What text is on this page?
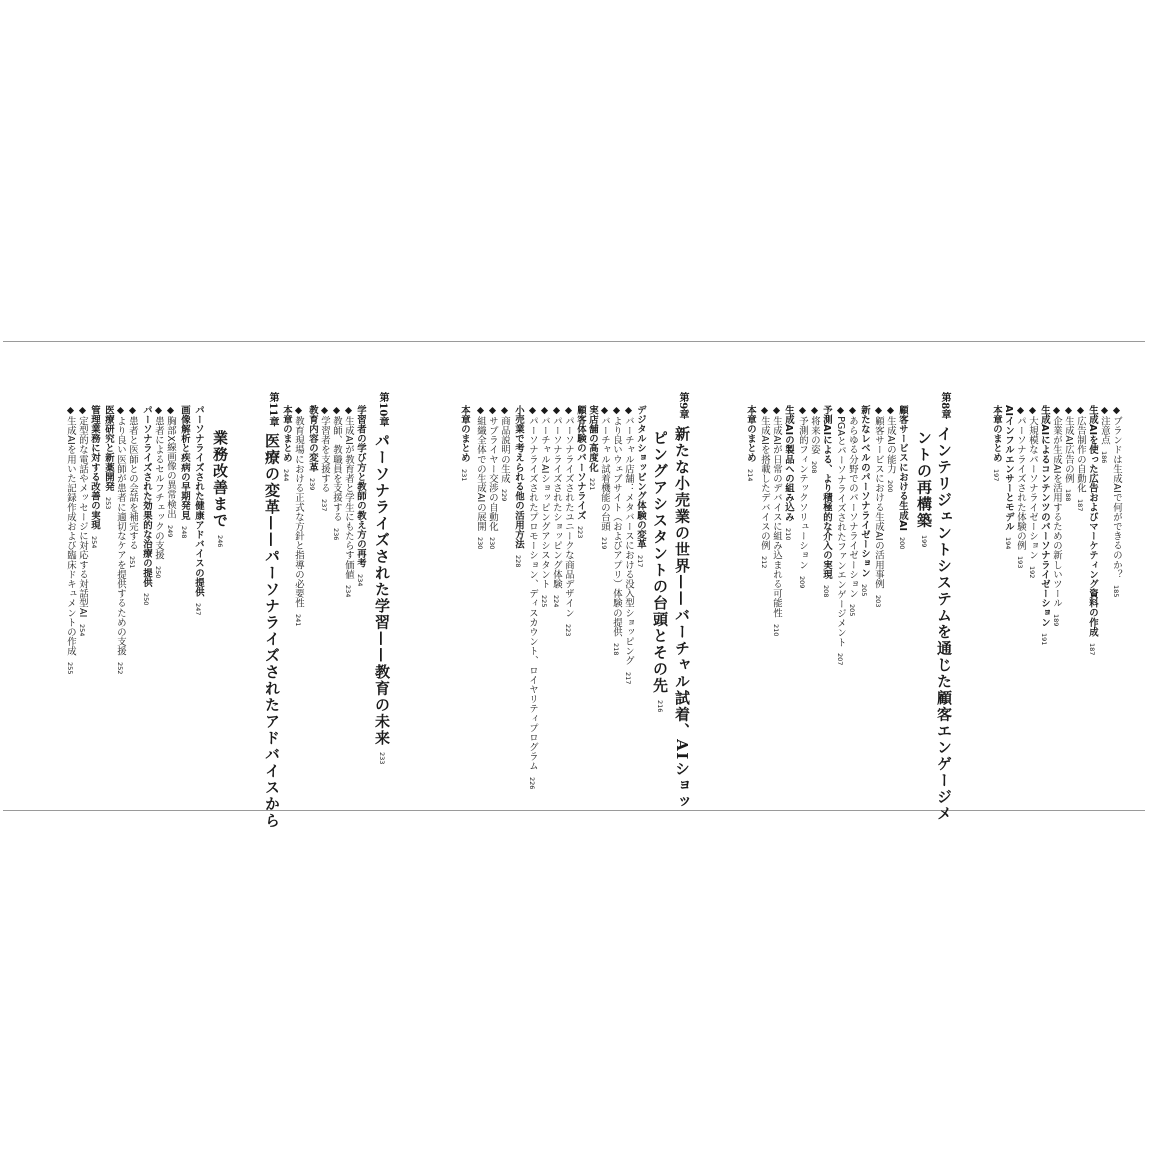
◆ブランドは生成AIで何ができるのか？185
◆注意点186
生成AIを使った広告およびマーケティング資料の作成187
◆広告制作の自動化187
◆生成AI広告の例188
◆企業が生成AIを活用するための新しいツール189
生成AIによるコンテンツのパーソナライゼーション191
◆大規模なパーソナライゼーション192
◆パーソナライズされた体験の例193
AIインフルエンサーとモデル194
本章のまとめ197
第8章インテリジェントシステムを通じた顧客エンゲージメ
ントの再構築199
顧客サービスにおける生成AI200
◆生成AIの能力200
◆顧客サービスにおける生成AIの活用事例203
新たなレベルのパーソナライゼーション205
◆あらゆる分野でのパーソナライゼーション205
◆PGAとパーソナライズされたファンエンゲージメント207
予測AIによる、より積極的な介入の実現208
◆将来の姿208
◆予測的フィンテックソリューション209
生成AIの製品への組み込み210
◆生成AIが日常のデバイスに組み込まれる可能性210
◆生成AIを搭載したデバイスの例212
本章のまとめ214
第9章新たな小売業の世界——バーチャル試着、AIショッ
ピングアシスタントの台頭とその先216
デジタルショッピング体験の変革217
◆バーチャル店舗：メタバースにおける没入型ショッピング217
◆より良いウェブサイト（およびアプリ）体験の提供218
◆バーチャル試着機能の台頭219
実店舗の高度化221
顧客体験のパーソナライズ223
◆パーソナライズされたユニークな商品デザイン223
◆パーソナライズされたショッピング体験224
◆バーチャルAIショッピングアシスタント225
◆パーソナライズされたプロモーション、ディスカウント、ロイヤリティプログラム226
小売業で考えられる他の活用方法228
◆商品説明の生成229
◆サプライヤー交渉の自動化230
◆組織全体での生成AIの展開230
本章のまとめ231
第10章パーソナライズされた学習——教育の未来233
学習者の学び方と教師の教え方の再考234
◆生成AIが教育者と学生にもたらす価値234
◆教師、教職員を支援する236
◆学習者を支援する237
教育内容の変革239
◆教育現場における正式な方針と指導の必要性241
本章のまとめ244
第11章医療の変革——パーソナライズされたアドバイスから
業務改善まで246
パーソナライズされた健康アドバイスの提供247
画像解析と疾病の早期発見248
◆胸部X線画像の異常検出249
◆患者によるセルフチェックの支援250
パーソナライズされた効果的な治療の提供250
◆患者と医師との会話を補完する251
◆より良い医師が患者に適切なケアを提供するための支援252
医療研究と新薬開発253
管理業務に対する改善の実現254
◆定型的な電話やメッセージに対応する対話型AI254
◆生成AIを用いた記録作成および臨床ドキュメントの作成255
